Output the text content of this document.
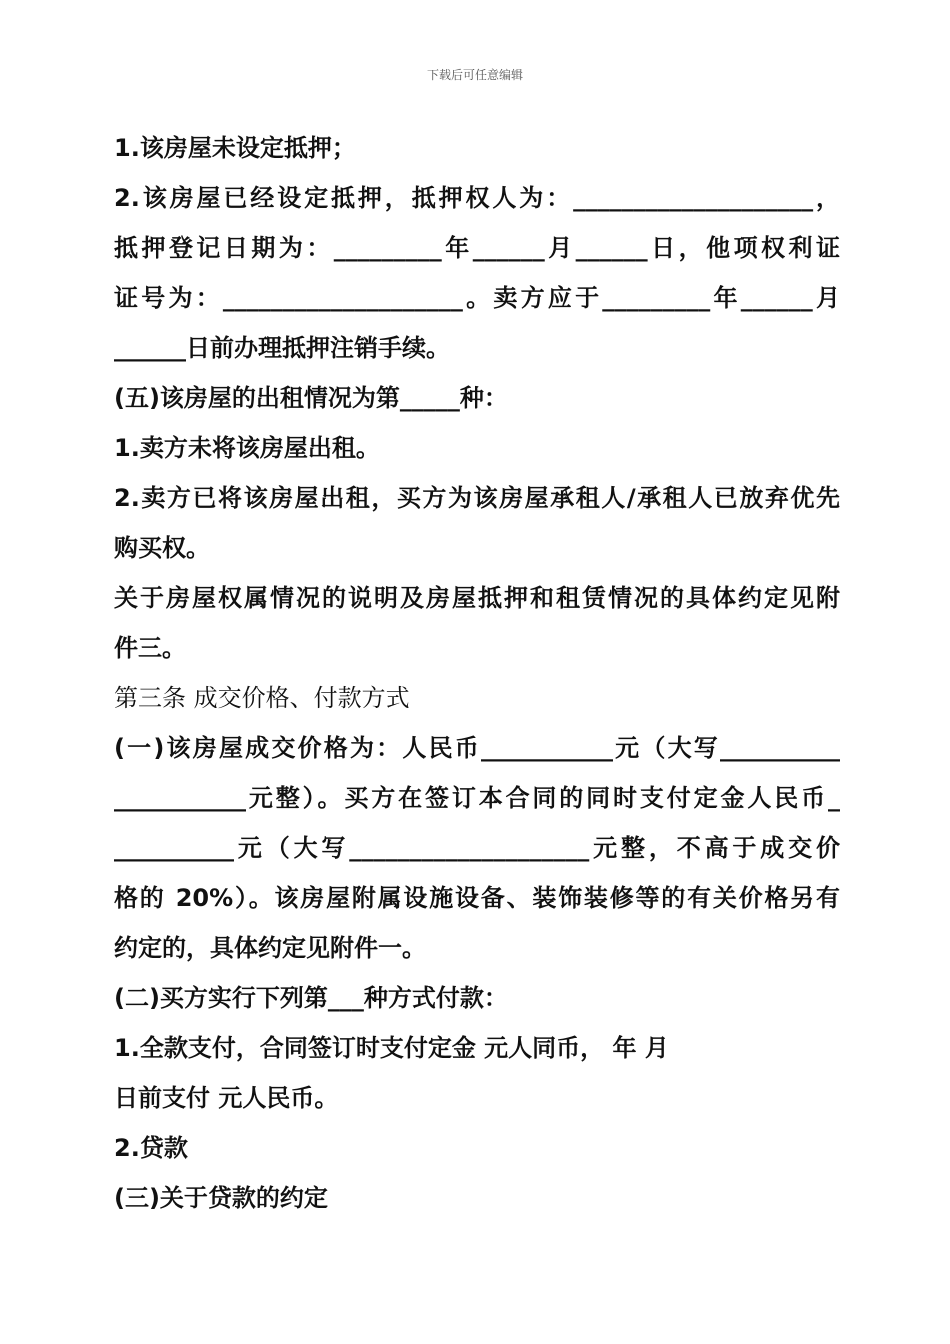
下载后可任意编辑
1.该房屋未设定抵押；
2.该房屋已经设定抵押，抵押权人为：____________________，
抵押登记日期为：_________年______月______日，他项权利证
证号为：____________________。卖方应于_________年______月
______日前办理抵押注销手续。
(五)该房屋的出租情况为第_____种：
1.卖方未将该房屋出租。
2.卖方已将该房屋出租，买方为该房屋承租人/承租人已放弃优先
购买权。
关于房屋权属情况的说明及房屋抵押和租赁情况的具体约定见附
件三。
第三条 成交价格、付款方式
(一)该房屋成交价格为：人民币___________元（大写__________
___________元整）。买方在签订本合同的同时支付定金人民币_
__________元（大写____________________元整，不高于成交价
格的 20%）。该房屋附属设施设备、装饰装修等的有关价格另有
约定的，具体约定见附件一。
(二)买方实行下列第___种方式付款：
1.全款支付，合同签订时支付定金 元人同币， 年 月
日前支付 元人民币。
2.贷款
(三)关于贷款的约定
